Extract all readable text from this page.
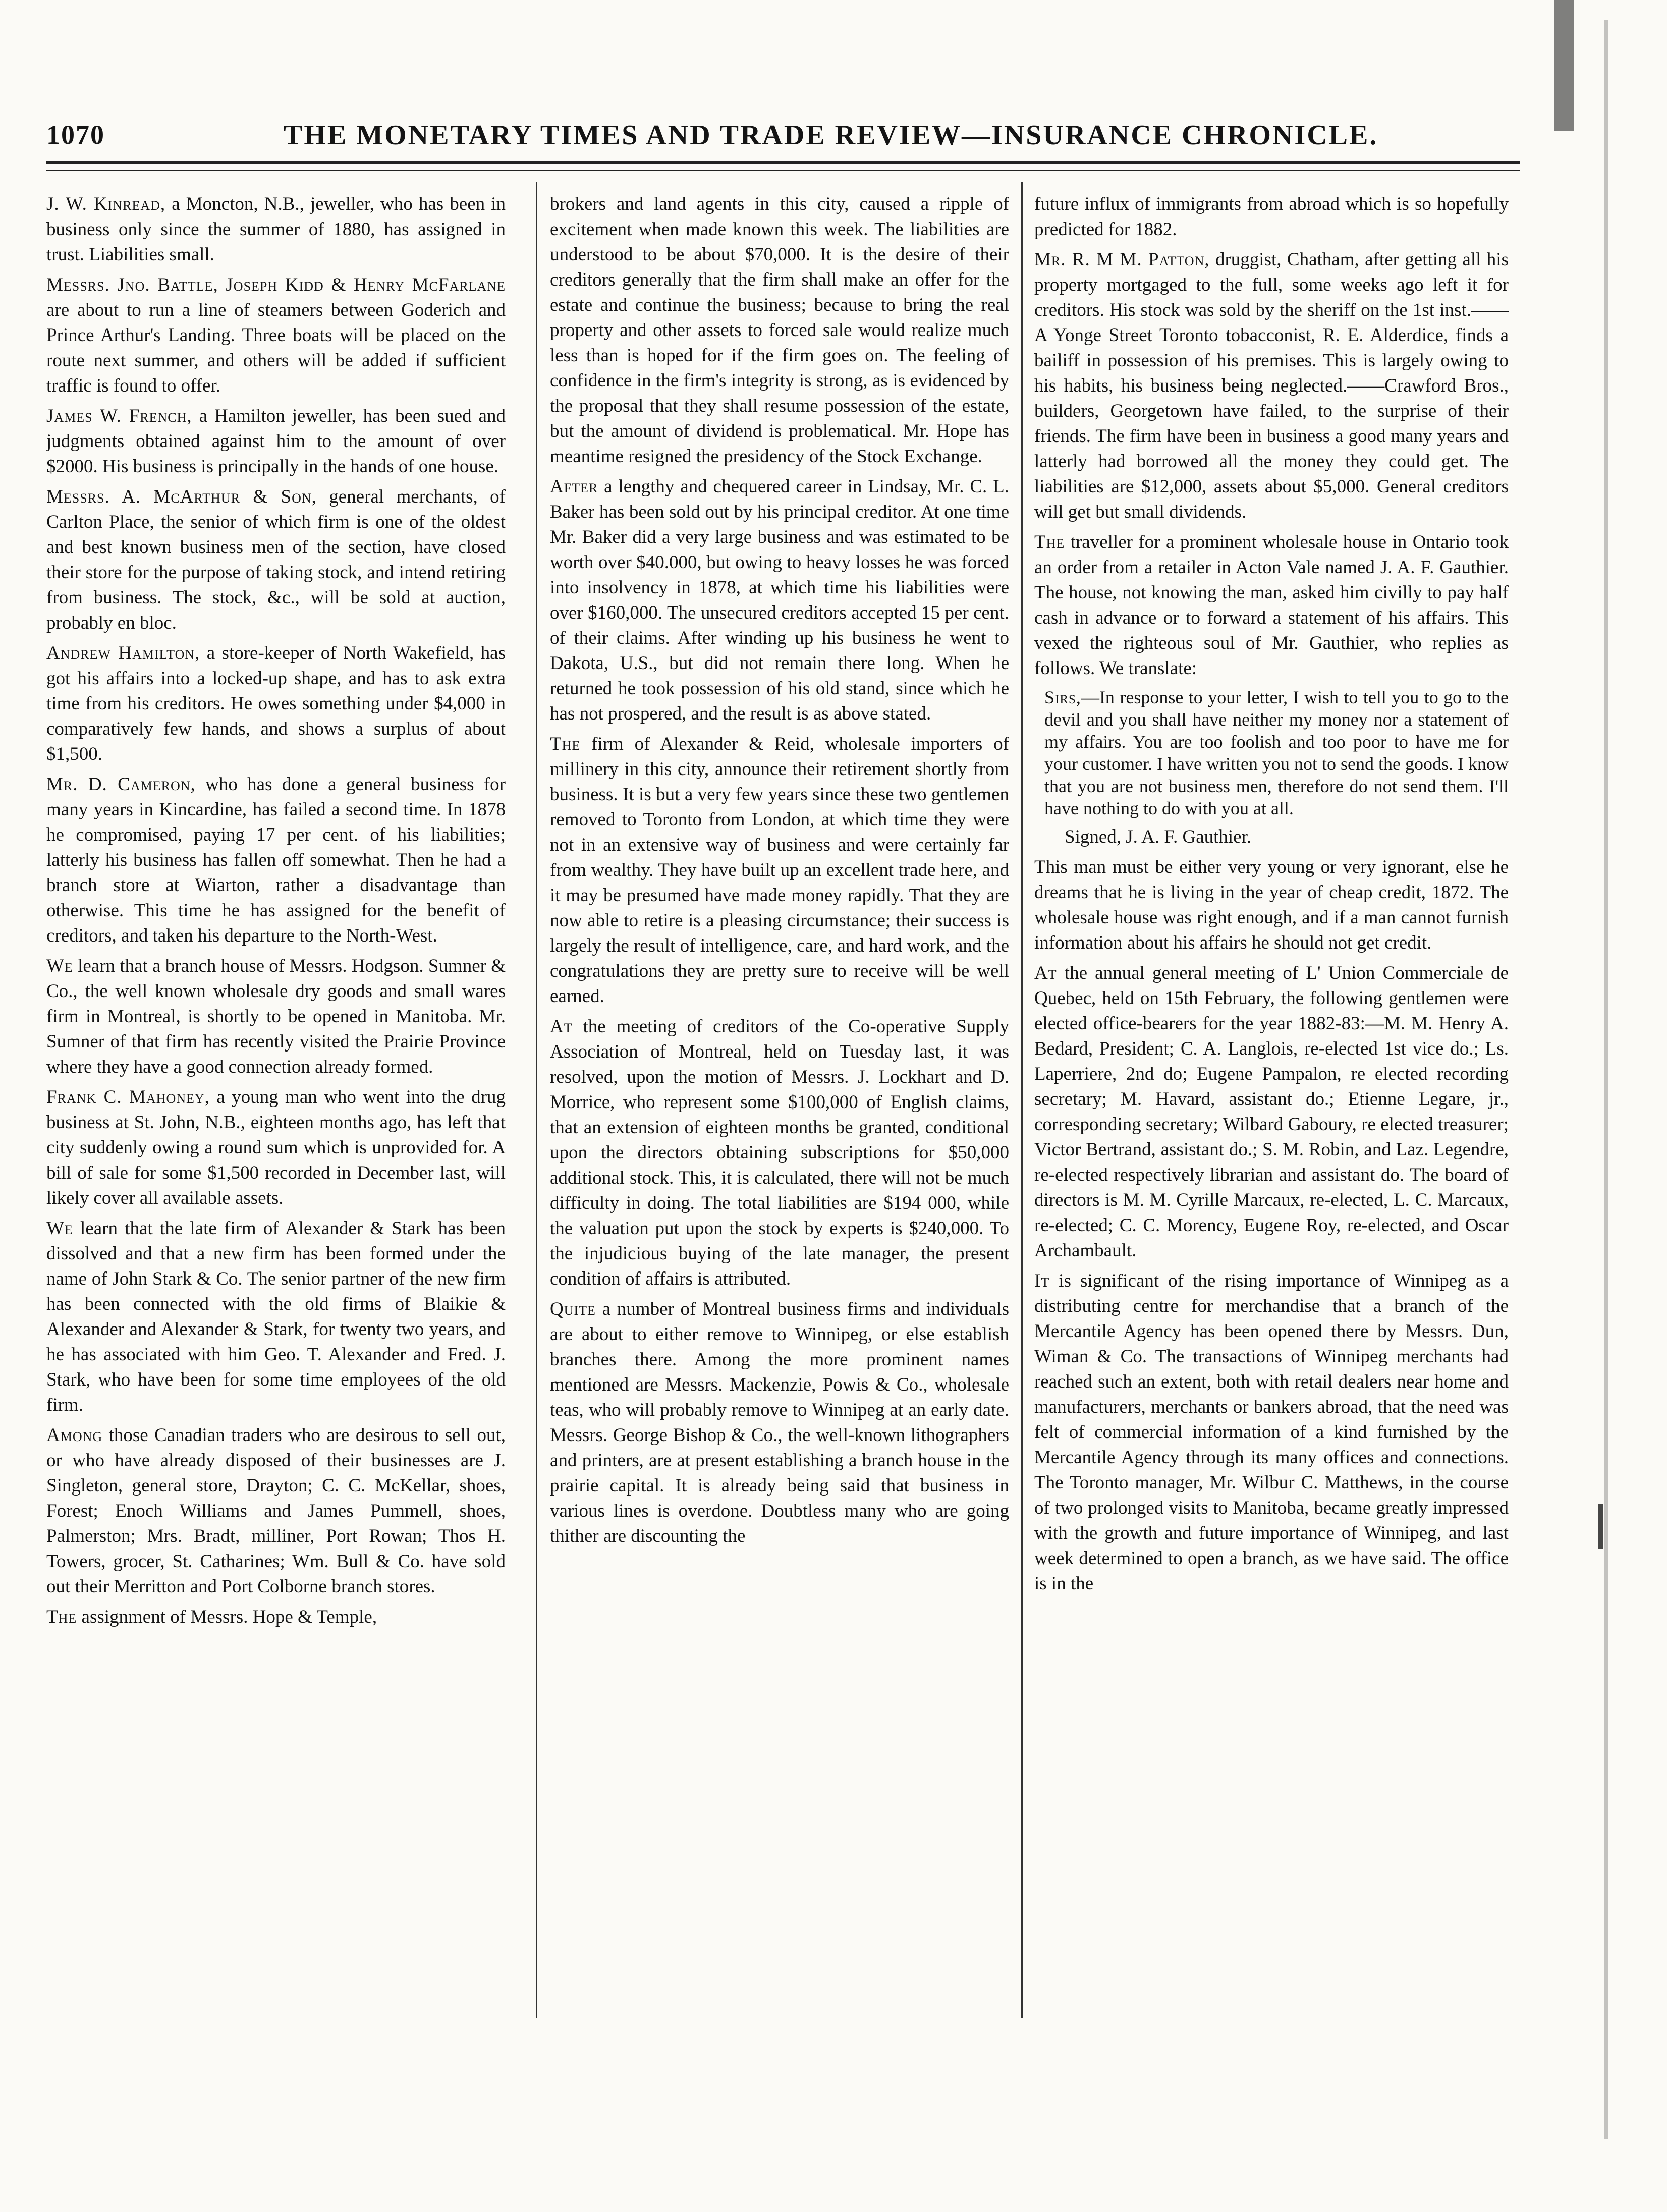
1070	THE MONETARY TIMES AND TRADE REVIEW—INSURANCE CHRONICLE.

J. W. Kinread, a Moncton, N.B., jeweller, who has been in business only since the summer of 1880, has assigned in trust. Liabilities small.

Messrs. Jno. Battle, Joseph Kidd & Henry McFarlane are about to run a line of steamers between Goderich and Prince Arthur's Landing. Three boats will be placed on the route next summer, and others will be added if sufficient traffic is found to offer.

James W. French, a Hamilton jeweller, has been sued and judgments obtained against him to the amount of over $2000. His business is principally in the hands of one house.

Messrs. A. McArthur & Son, general merchants, of Carlton Place, the senior of which firm is one of the oldest and best known business men of the section, have closed their store for the purpose of taking stock, and intend retiring from business. The stock, &c., will be sold at auction, probably en bloc.

Andrew Hamilton, a store-keeper of North Wakefield, has got his affairs into a locked-up shape, and has to ask extra time from his creditors. He owes something under $4,000 in comparatively few hands, and shows a surplus of about $1,500.

Mr. D. Cameron, who has done a general business for many years in Kincardine, has failed a second time. In 1878 he compromised, paying 17 per cent. of his liabilities; latterly his business has fallen off somewhat. Then he had a branch store at Wiarton, rather a disadvantage than otherwise. This time he has assigned for the benefit of creditors, and taken his departure to the North-West.

We learn that a branch house of Messrs. Hodgson. Sumner & Co., the well known wholesale dry goods and small wares firm in Montreal, is shortly to be opened in Manitoba. Mr. Sumner of that firm has recently visited the Prairie Province where they have a good connection already formed.

Frank C. Mahoney, a young man who went into the drug business at St. John, N.B., eighteen months ago, has left that city suddenly owing a round sum which is unprovided for. A bill of sale for some $1,500 recorded in December last, will likely cover all available assets.

We learn that the late firm of Alexander & Stark has been dissolved and that a new firm has been formed under the name of John Stark & Co. The senior partner of the new firm has been connected with the old firms of Blaikie & Alexander and Alexander & Stark, for twenty two years, and he has associated with him Geo. T. Alexander and Fred. J. Stark, who have been for some time employees of the old firm.

Among those Canadian traders who are desirous to sell out, or who have already disposed of their businesses are J. Singleton, general store, Drayton; C. C. McKellar, shoes, Forest; Enoch Williams and James Pummell, shoes, Palmerston; Mrs. Bradt, milliner, Port Rowan; Thos H. Towers, grocer, St. Catharines; Wm. Bull & Co. have sold out their Merritton and Port Colborne branch stores.

The assignment of Messrs. Hope & Temple,

brokers and land agents in this city, caused a ripple of excitement when made known this week. The liabilities are understood to be about $70,000. It is the desire of their creditors generally that the firm shall make an offer for the estate and continue the business; because to bring the real property and other assets to forced sale would realize much less than is hoped for if the firm goes on. The feeling of confidence in the firm's integrity is strong, as is evidenced by the proposal that they shall resume possession of the estate, but the amount of dividend is problematical. Mr. Hope has meantime resigned the presidency of the Stock Exchange.

After a lengthy and chequered career in Lindsay, Mr. C. L. Baker has been sold out by his principal creditor. At one time Mr. Baker did a very large business and was estimated to be worth over $40.000, but owing to heavy losses he was forced into insolvency in 1878, at which time his liabilities were over $160,000. The unsecured creditors accepted 15 per cent. of their claims. After winding up his business he went to Dakota, U.S., but did not remain there long. When he returned he took possession of his old stand, since which he has not prospered, and the result is as above stated.

The firm of Alexander & Reid, wholesale importers of millinery in this city, announce their retirement shortly from business. It is but a very few years since these two gentlemen removed to Toronto from London, at which time they were not in an extensive way of business and were certainly far from wealthy. They have built up an excellent trade here, and it may be presumed have made money rapidly. That they are now able to retire is a pleasing circumstance; their success is largely the result of intelligence, care, and hard work, and the congratulations they are pretty sure to receive will be well earned.

At the meeting of creditors of the Co-operative Supply Association of Montreal, held on Tuesday last, it was resolved, upon the motion of Messrs. J. Lockhart and D. Morrice, who represent some $100,000 of English claims, that an extension of eighteen months be granted, conditional upon the directors obtaining subscriptions for $50,000 additional stock. This, it is calculated, there will not be much difficulty in doing. The total liabilities are $194 000, while the valuation put upon the stock by experts is $240,000. To the injudicious buying of the late manager, the present condition of affairs is attributed.

Quite a number of Montreal business firms and individuals are about to either remove to Winnipeg, or else establish branches there. Among the more prominent names mentioned are Messrs. Mackenzie, Powis & Co., wholesale teas, who will probably remove to Winnipeg at an early date. Messrs. George Bishop & Co., the well-known lithographers and printers, are at present establishing a branch house in the prairie capital. It is already being said that business in various lines is overdone. Doubtless many who are going thither are discounting the

future influx of immigrants from abroad which is so hopefully predicted for 1882.

Mr. R. M M. Patton, druggist, Chatham, after getting all his property mortgaged to the full, some weeks ago left it for creditors. His stock was sold by the sheriff on the 1st inst.——A Yonge Street Toronto tobacconist, R. E. Alderdice, finds a bailiff in possession of his premises. This is largely owing to his habits, his business being neglected.——Crawford Bros., builders, Georgetown have failed, to the surprise of their friends. The firm have been in business a good many years and latterly had borrowed all the money they could get. The liabilities are $12,000, assets about $5,000. General creditors will get but small dividends.

The traveller for a prominent wholesale house in Ontario took an order from a retailer in Acton Vale named J. A. F. Gauthier. The house, not knowing the man, asked him civilly to pay half cash in advance or to forward a statement of his affairs. This vexed the righteous soul of Mr. Gauthier, who replies as follows. We translate:

Sirs,—In response to your letter, I wish to tell you to go to the devil and you shall have neither my money nor a statement of my affairs. You are too foolish and too poor to have me for your customer. I have written you not to send the goods. I know that you are not business men, therefore do not send them. I'll have nothing to do with you at all.

Signed, J. A. F. Gauthier.

This man must be either very young or very ignorant, else he dreams that he is living in the year of cheap credit, 1872. The wholesale house was right enough, and if a man cannot furnish information about his affairs he should not get credit.

At the annual general meeting of L' Union Commerciale de Quebec, held on 15th February, the following gentlemen were elected office-bearers for the year 1882-83:—M. M. Henry A. Bedard, President; C. A. Langlois, re-elected 1st vice do.; Ls. Laperriere, 2nd do; Eugene Pampalon, re elected recording secretary; M. Havard, assistant do.; Etienne Legare, jr., corresponding secretary; Wilbard Gaboury, re elected treasurer; Victor Bertrand, assistant do.; S. M. Robin, and Laz. Legendre, re-elected respectively librarian and assistant do. The board of directors is M. M. Cyrille Marcaux, re-elected, L. C. Marcaux, re-elected; C. C. Morency, Eugene Roy, re-elected, and Oscar Archambault.

It is significant of the rising importance of Winnipeg as a distributing centre for merchandise that a branch of the Mercantile Agency has been opened there by Messrs. Dun, Wiman & Co. The transactions of Winnipeg merchants had reached such an extent, both with retail dealers near home and manufacturers, merchants or bankers abroad, that the need was felt of commercial information of a kind furnished by the Mercantile Agency through its many offices and connections. The Toronto manager, Mr. Wilbur C. Matthews, in the course of two prolonged visits to Manitoba, became greatly impressed with the growth and future importance of Winnipeg, and last week determined to open a branch, as we have said. The office is in the
